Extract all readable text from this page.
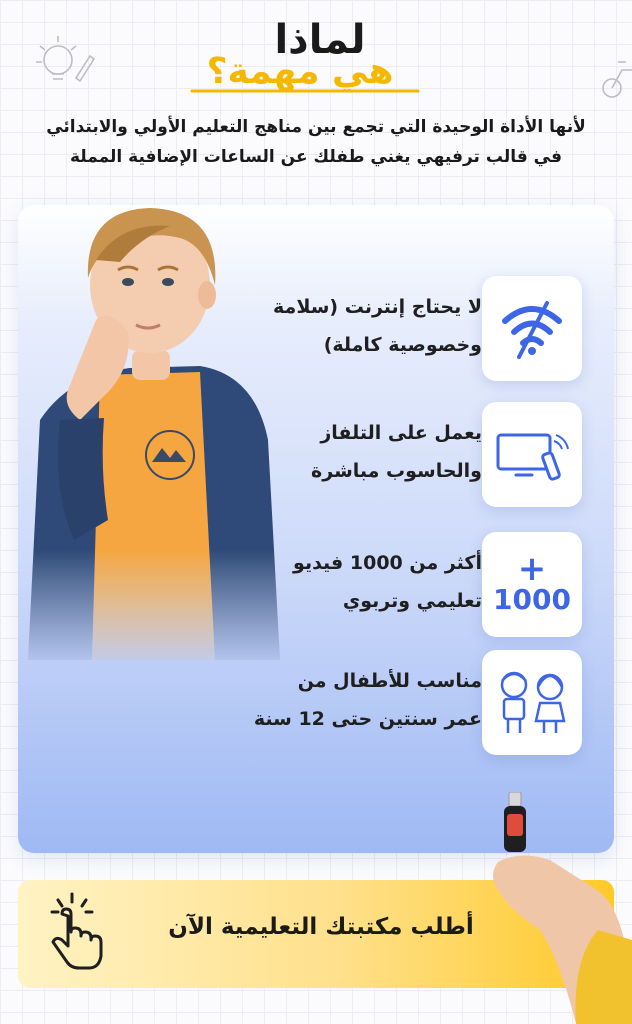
لماذا
هي مهمة؟
لأنها الأداة الوحيدة التي تجمع بين مناهج التعليم الأولي والابتدائي
في قالب ترفيهي يغني طفلك عن الساعات الإضافية المملة
لا يحتاج إنترنت (سلامة
وخصوصية كاملة)
يعمل على التلفاز
والحاسوب مباشرة
+
1000
أكثر من 1000 فيديو
تعليمي وتربوي
مناسب للأطفال من
عمر سنتين حتى 12 سنة
أطلب مكتبتك التعليمية الآن
